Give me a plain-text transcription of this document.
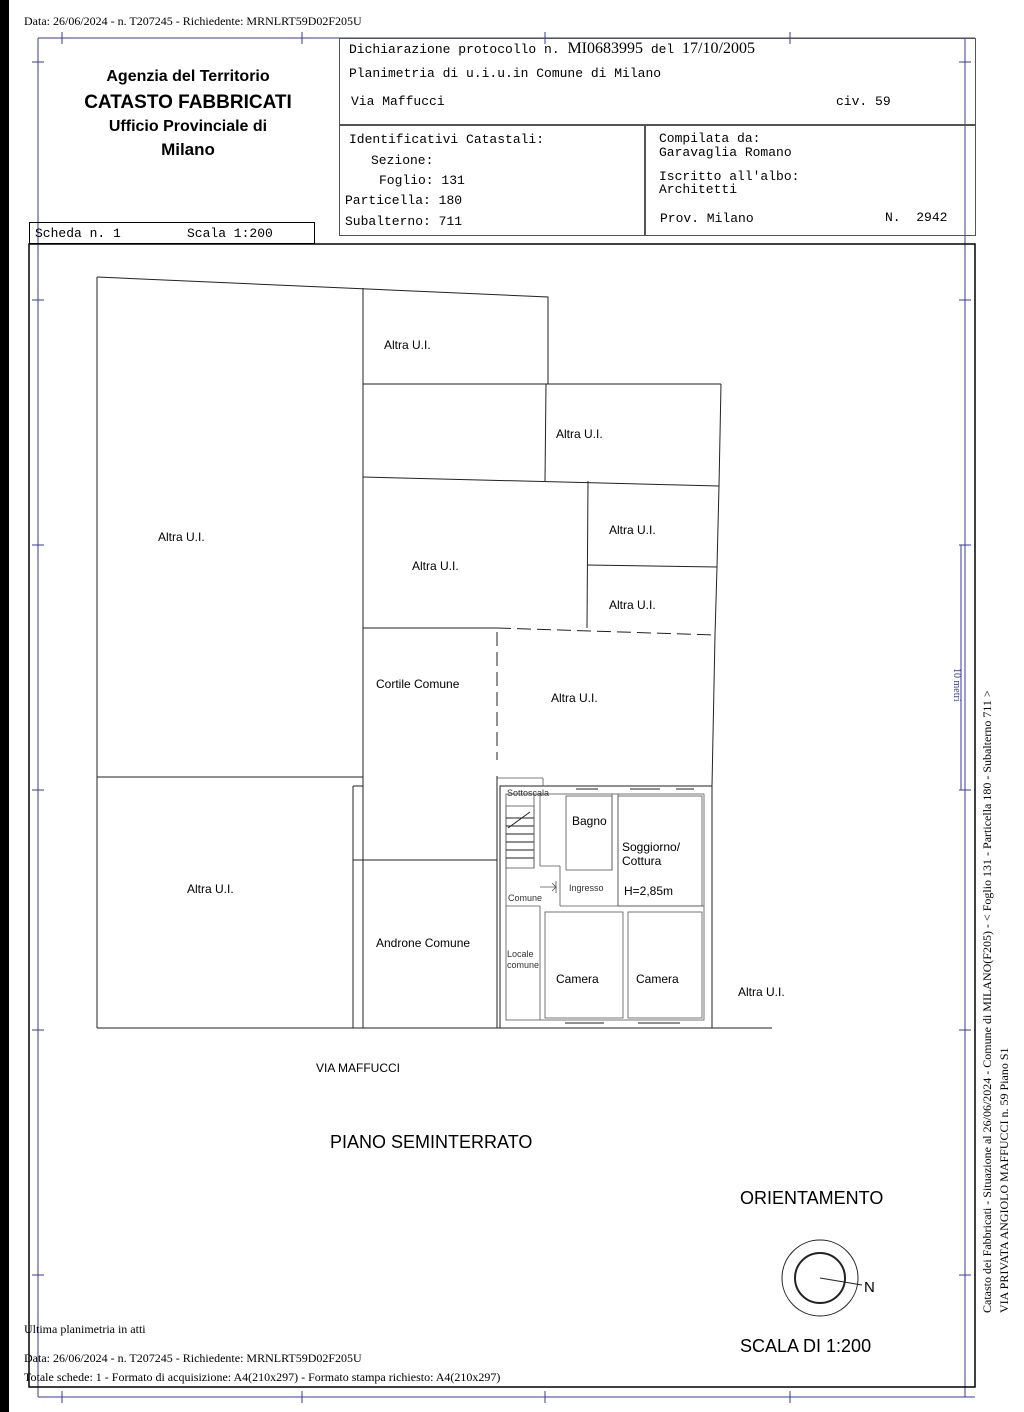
Data: 26/06/2024 - n. T207245 - Richiedente: MRNLRT59D02F205U
Agenzia del Territorio
CATASTO FABBRICATI
Ufficio Provinciale di
Milano
Dichiarazione protocollo n. MI0683995 del 17/10/2005
Planimetria di u.i.u.in Comune di Milano
Via Maffucci	civ. 59
Identificativi Catastali:
Sezione:
Foglio: 131
Particella: 180
Subalterno: 711
Compilata da:
Garavaglia Romano
Iscritto all'albo:
Architetti
Prov. Milano	N. 2942
Scheda n. 1	Scala 1:200
Altra U.I.
Altra U.I.
Altra U.I.
Altra U.I.
Altra U.I.
Altra U.I.
Cortile Comune
Altra U.I.
Altra U.I.
Androne Comune
Sottoscala
Bagno
Soggiorno/
Cottura
Ingresso H=2,85m
Comune
Locale
comune
Camera	Camera
Altra U.I.
VIA MAFFUCCI
PIANO SEMINTERRATO
10 metri
ORIENTAMENTO
N
SCALA DI 1:200
Ultima planimetria in atti
Data: 26/06/2024 - n. T207245 - Richiedente: MRNLRT59D02F205U
Totale schede: 1 - Formato di acquisizione: A4(210x297) - Formato stampa richiesto: A4(210x297)
Catasto dei Fabbricati - Situazione al 26/06/2024 - Comune di MILANO(F205) - < Foglio 131 - Particella 180 - Subalterno 711 > VIA PRIVATA ANGIOLO MAFFUCCI n. 59 Piano S1
